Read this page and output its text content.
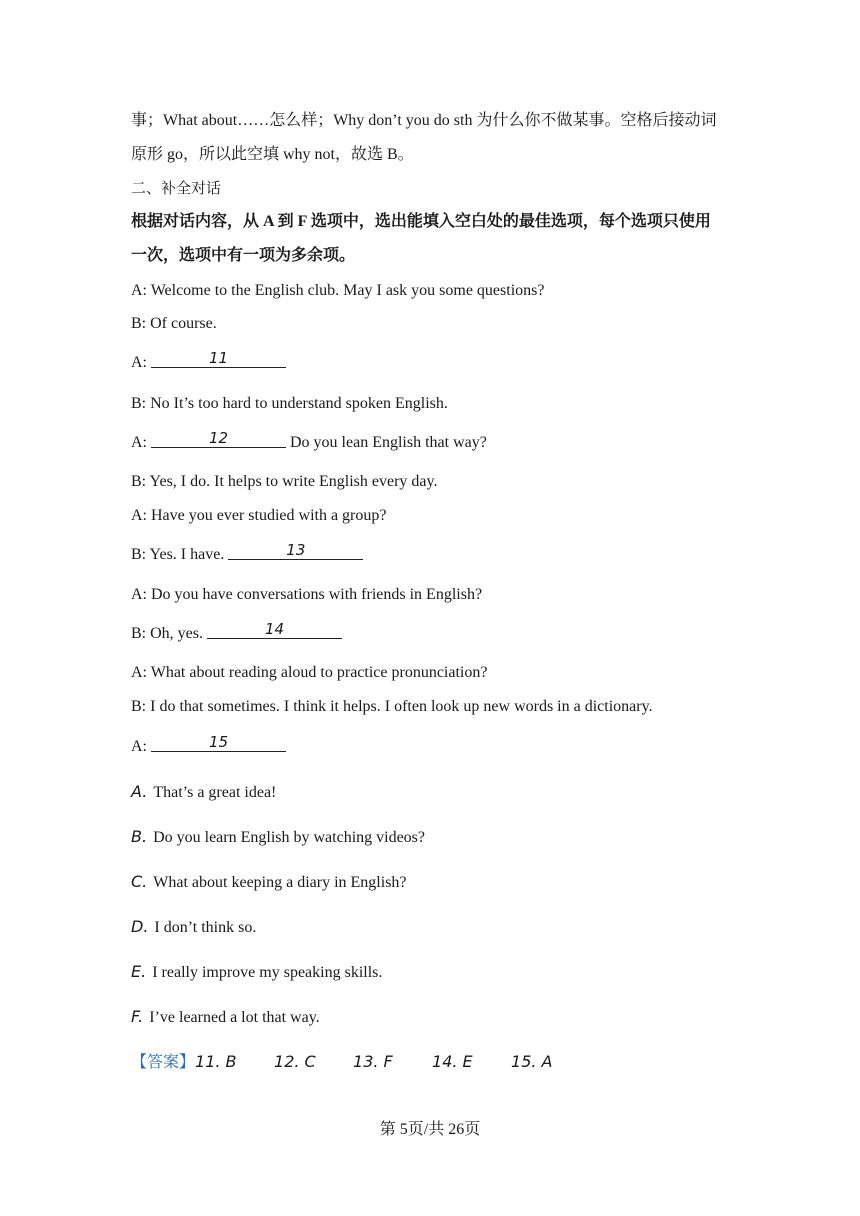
事；What about……怎么样；Why don’t you do sth 为什么你不做某事。空格后接动词
原形 go，所以此空填 why not，故选 B。
二、补全对话
根据对话内容，从 A 到 F 选项中，选出能填入空白处的最佳选项，每个选项只使用
一次，选项中有一项为多余项。
A: Welcome to the English club. May I ask you some questions?
B: Of course.
A:	11
B: No It’s too hard to understand spoken English.
A:	12	Do you lean English that way?
B: Yes, I do. It helps to write English every day.
A: Have you ever studied with a group?
B: Yes. I have.	13
A: Do you have conversations with friends in English?
B: Oh, yes.	14
A: What about reading aloud to practice pronunciation?
B: I do that sometimes. I think it helps. I often look up new words in a dictionary.
A:	15
A. That’s a great idea!
B. Do you learn English by watching videos?
C. What about keeping a diary in English?
D. I don’t think so.
E. I really improve my speaking skills.
F. I’ve learned a lot that way.
【答案】11. B 12. C 13. F 14. E 15. A
第 5页/共 26页
